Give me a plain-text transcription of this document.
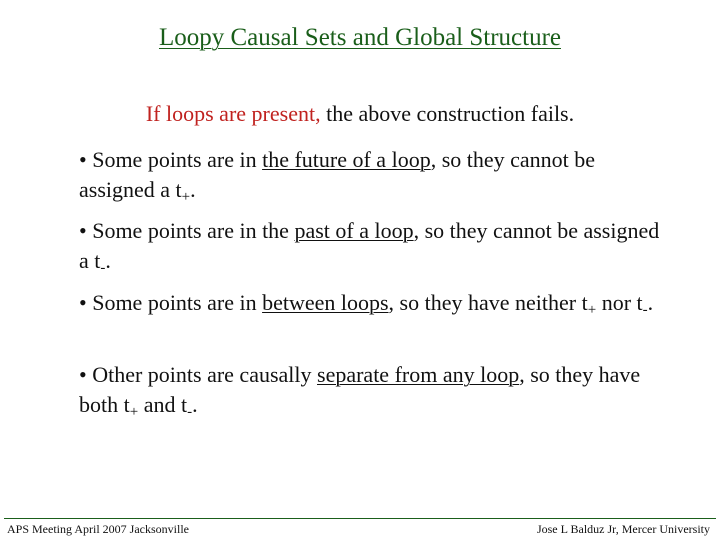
Loopy Causal Sets and Global Structure
If loops are present, the above construction fails.
• Some points are in the future of a loop, so they cannot be assigned a $t_+$.
• Some points are in the past of a loop, so they cannot be assigned a $t_-$.
• Some points are in between loops, so they have neither $t_+$ nor $t_-$.
• Other points are causally separate from any loop, so they have both $t_+$ and $t_-$.
APS Meeting April 2007 Jacksonville	Jose L Balduz Jr, Mercer University
